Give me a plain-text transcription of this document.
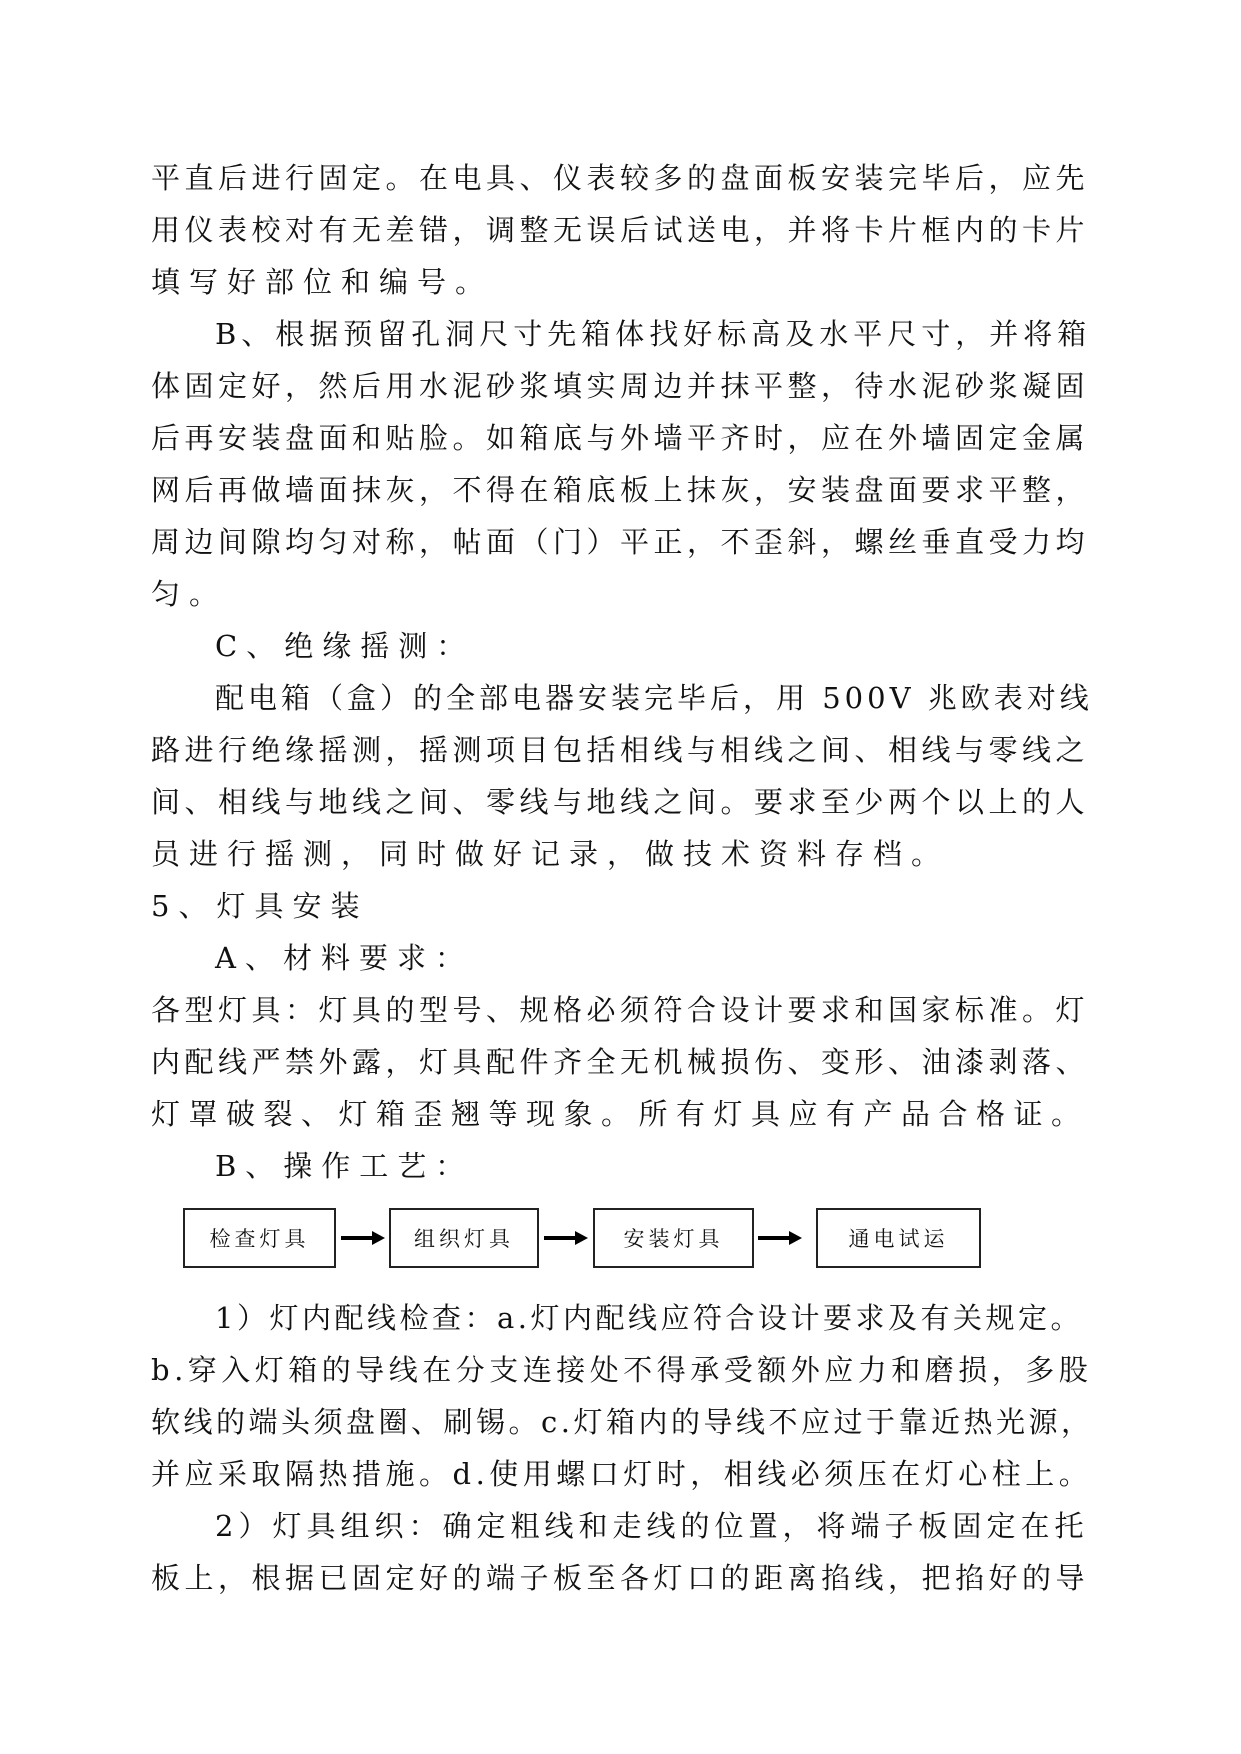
平直后进行固定。在电具、仪表较多的盘面板安装完毕后，应先
用仪表校对有无差错，调整无误后试送电，并将卡片框内的卡片
填写好部位和编号。
B、根据预留孔洞尺寸先箱体找好标高及水平尺寸，并将箱
体固定好，然后用水泥砂浆填实周边并抹平整，待水泥砂浆凝固
后再安装盘面和贴脸。如箱底与外墙平齐时，应在外墙固定金属
网后再做墙面抹灰，不得在箱底板上抹灰，安装盘面要求平整，
周边间隙均匀对称，帖面（门）平正，不歪斜，螺丝垂直受力均
匀。
C、绝缘摇测：
配电箱（盒）的全部电器安装完毕后，用 500V 兆欧表对线
路进行绝缘摇测，摇测项目包括相线与相线之间、相线与零线之
间、相线与地线之间、零线与地线之间。要求至少两个以上的人
员进行摇测，同时做好记录，做技术资料存档。
5、灯具安装
A、材料要求：
各型灯具：灯具的型号、规格必须符合设计要求和国家标准。灯
内配线严禁外露，灯具配件齐全无机械损伤、变形、油漆剥落、
灯罩破裂、灯箱歪翘等现象。所有灯具应有产品合格证。
B、操作工艺：
检查灯具	组织灯具	安装灯具	通电试运
1）灯内配线检查：a.灯内配线应符合设计要求及有关规定。
b.穿入灯箱的导线在分支连接处不得承受额外应力和磨损，多股
软线的端头须盘圈、刷锡。c.灯箱内的导线不应过于靠近热光源，
并应采取隔热措施。d.使用螺口灯时，相线必须压在灯心柱上。
2）灯具组织：确定粗线和走线的位置，将端子板固定在托
板上，根据已固定好的端子板至各灯口的距离掐线，把掐好的导
